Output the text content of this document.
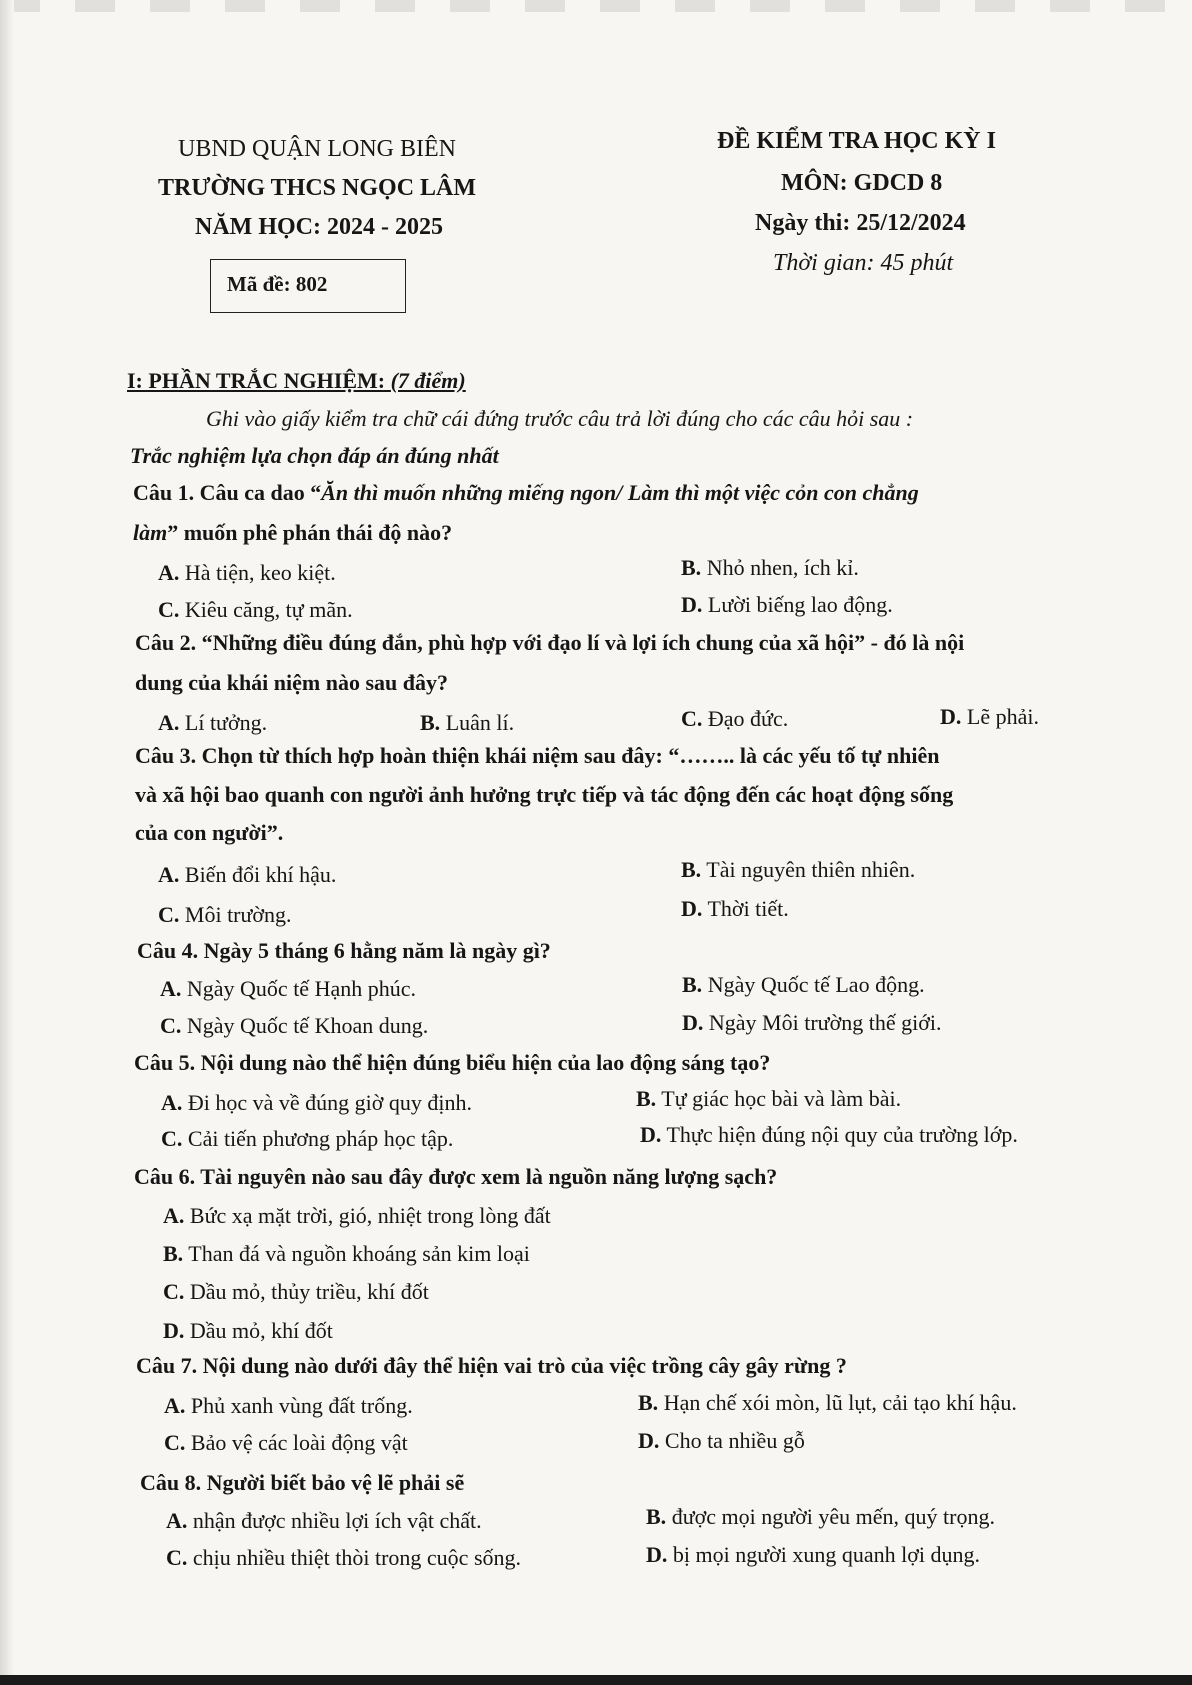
UBND QUẬN LONG BIÊN
TRƯỜNG THCS NGỌC LÂM
NĂM HỌC: 2024 - 2025
ĐỀ KIỂM TRA HỌC KỲ I
MÔN: GDCD 8
Ngày thi: 25/12/2024
Thời gian: 45 phút
Mã đề: 802
I: PHẦN TRẮC NGHIỆM: (7 điểm)
Ghi vào giấy kiểm tra chữ cái đứng trước câu trả lời đúng cho các câu hỏi sau :
Trắc nghiệm lựa chọn đáp án đúng nhất
Câu 1. Câu ca dao “Ăn thì muốn những miếng ngon/ Làm thì một việc cỏn con chẳng
làm” muốn phê phán thái độ nào?
A. Hà tiện, keo kiệt.	B. Nhỏ nhen, ích kỉ.
C. Kiêu căng, tự mãn.	D. Lười biếng lao động.
Câu 2. “Những điều đúng đắn, phù hợp với đạo lí và lợi ích chung của xã hội” - đó là nội
dung của khái niệm nào sau đây?
A. Lí tưởng.	B. Luân lí.	C. Đạo đức.	D. Lẽ phải.
Câu 3. Chọn từ thích hợp hoàn thiện khái niệm sau đây: “…….. là các yếu tố tự nhiên
và xã hội bao quanh con người ảnh hưởng trực tiếp và tác động đến các hoạt động sống
của con người”.
A. Biến đổi khí hậu.	B. Tài nguyên thiên nhiên.
C. Môi trường.	D. Thời tiết.
Câu 4. Ngày 5 tháng 6 hằng năm là ngày gì?
A. Ngày Quốc tế Hạnh phúc.	B. Ngày Quốc tế Lao động.
C. Ngày Quốc tế Khoan dung.	D. Ngày Môi trường thế giới.
Câu 5. Nội dung nào thể hiện đúng biểu hiện của lao động sáng tạo?
A. Đi học và về đúng giờ quy định.	B. Tự giác học bài và làm bài.
C. Cải tiến phương pháp học tập.	D. Thực hiện đúng nội quy của trường lớp.
Câu 6. Tài nguyên nào sau đây được xem là nguồn năng lượng sạch?
A. Bức xạ mặt trời, gió, nhiệt trong lòng đất
B. Than đá và nguồn khoáng sản kim loại
C. Dầu mỏ, thủy triều, khí đốt
D. Dầu mỏ, khí đốt
Câu 7. Nội dung nào dưới đây thể hiện vai trò của việc trồng cây gây rừng ?
A. Phủ xanh vùng đất trống.	B. Hạn chế xói mòn, lũ lụt, cải tạo khí hậu.
C. Bảo vệ các loài động vật	D. Cho ta nhiều gỗ
Câu 8. Người biết bảo vệ lẽ phải sẽ
A. nhận được nhiều lợi ích vật chất.	B. được mọi người yêu mến, quý trọng.
C. chịu nhiều thiệt thòi trong cuộc sống.	D. bị mọi người xung quanh lợi dụng.
